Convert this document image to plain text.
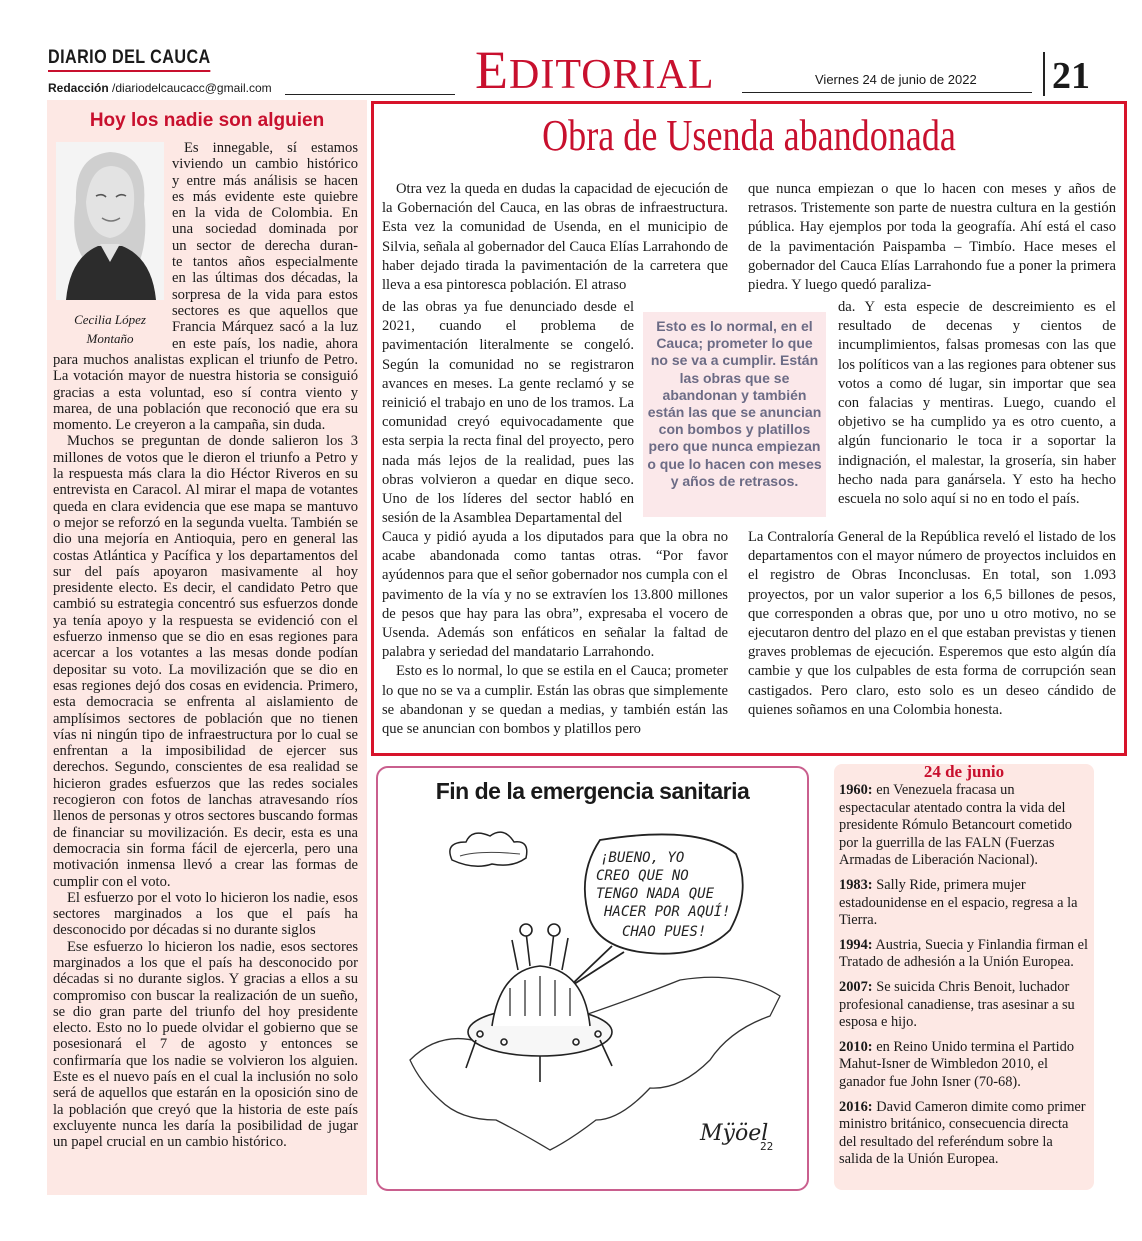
DIARIO DEL CAUCA
Redacción /diariodelcaucacc@gmail.com	EDITORIAL	Viernes 24 de junio de 2022 21
Hoy los nadie son alguien
Cecilia López
Montaño
Es innegable, sí estamos
viviendo un cambio histórico
y entre más análisis se hacen
es más evidente este quiebre
en la vida de Colombia. En
una sociedad dominada por
un sector de derecha duran-
te tantos años especialmente
en las últimas dos décadas, la
sorpresa de la vida para estos
sectores es que aquellos que
Francia Márquez sacó a la luz
en este país, los nadie, ahora

para muchos analistas explican el triunfo de Petro. La votación mayor de nuestra historia se consiguió gracias a esta voluntad, eso sí contra viento y marea, de una población que reconoció que era su momento. Le creyeron a la campaña, sin duda.

Muchos se preguntan de donde salieron los 3 millones de votos que le dieron el triunfo a Petro y la respuesta más clara la dio Héctor Riveros en su entrevista en Caracol. Al mirar el mapa de votantes queda en clara evidencia que ese mapa se mantuvo o mejor se reforzó en la segunda vuelta. También se dio una mejoría en Antioquia, pero en general las costas Atlántica y Pacífica y los departamentos del sur del país apoyaron masivamente al hoy presidente electo. Es decir, el candidato Petro que cambió su estrategia concentró sus esfuerzos donde ya tenía apoyo y la respuesta se evidenció con el esfuerzo inmenso que se dio en esas regiones para acercar a los votantes a las mesas donde podían depositar su voto. La movilización que se dio en esas regiones dejó dos cosas en evidencia. Primero, esta democracia se enfrenta al aislamiento de amplísimos sectores de población que no tienen vías ni ningún tipo de infraestructura por lo cual se enfrentan a la imposibilidad de ejercer sus derechos. Segundo, conscientes de esa realidad se hicieron grades esfuerzos que las redes sociales recogieron con fotos de lanchas atravesando ríos llenos de personas y otros sectores buscando formas de financiar su movilización. Es decir, esta es una democracia sin forma fácil de ejercerla, pero una motivación inmensa llevó a crear las formas de cumplir con el voto.

El esfuerzo por el voto lo hicieron los nadie, esos sectores marginados a los que el país ha desconocido por décadas si no durante siglos

Ese esfuerzo lo hicieron los nadie, esos sectores marginados a los que el país ha desconocido por décadas si no durante siglos. Y gracias a ellos a su compromiso con buscar la realización de un sueño, se dio gran parte del triunfo del hoy presidente electo. Esto no lo puede olvidar el gobierno que se posesionará el 7 de agosto y entonces se confirmaría que los nadie se volvieron los alguien. Este es el nuevo país en el cual la inclusión no solo será de aquellos que estarán en la oposición sino de la población que creyó que la historia de este país excluyente nunca les daría la posibilidad de jugar un papel crucial en un cambio histórico.

Obra de Usenda abandonada

Otra vez la queda en dudas la capacidad de ejecución de la Gobernación del Cauca, en las obras de infraestructura. Esta vez la comunidad de Usenda, en el municipio de Silvia, señala al gobernador del Cauca Elías Larrahondo de haber dejado tirada la pavimentación de la carretera que lleva a esa pintoresca población. El atraso

de las obras ya fue denunciado desde el 2021, cuando el problema de pavimentación literalmente se congeló. Según la comunidad no se registraron avances en meses. La gente reclamó y se reinició el trabajo en uno de los tramos. La comunidad creyó equivocadamente que esta serpia la recta final del proyecto, pero nada más lejos de la realidad, pues las obras volvieron a quedar en dique seco. Uno de los líderes del sector habló en sesión de la Asamblea Departamental del

Cauca y pidió ayuda a los diputados para que la obra no acabe abandonada como tantas otras. “Por favor ayúdennos para que el señor gobernador nos cumpla con el pavimento de la vía y no se extravíen los 13.800 millones de pesos que hay para las obra”, expresaba el vocero de Usenda. Además son enfáticos en señalar la faltad de palabra y seriedad del mandatario Larrahondo.

Esto es lo normal, lo que se estila en el Cauca; prometer lo que no se va a cumplir. Están las obras que simplemente se abandonan y se quedan a medias, y también están las que se anuncian con bombos y platillos pero

que nunca empiezan o que lo hacen con meses y años de retrasos. Tristemente son parte de nuestra cultura en la gestión pública. Hay ejemplos por toda la geografía. Ahí está el caso de la pavimentación Paispamba – Timbío. Hace meses el gobernador del Cauca Elías Larrahondo fue a poner la primera piedra. Y luego quedó paraliza-

da. Y esta especie de descreimiento es el resultado de decenas y cientos de incumplimientos, falsas promesas con las que los políticos van a las regiones para obtener sus votos a como dé lugar, sin importar que sea con falacias y mentiras. Luego, cuando el objetivo se ha cumplido ya es otro cuento, a algún funcionario le toca ir a soportar la indignación, el malestar, la grosería, sin haber hecho nada para ganársela. Y esto ha hecho escuela no solo aquí si no en todo el país.

La Contraloría General de la República reveló el listado de los departamentos con el mayor número de proyectos incluidos en el registro de Obras Inconclusas. En total, son 1.093 proyectos, por un valor superior a los 6,5 billones de pesos, que corresponden a obras que, por uno u otro motivo, no se ejecutaron dentro del plazo en el que estaban previstas y tienen graves problemas de ejecución. Esperemos que esto algún día cambie y que los culpables de esta forma de corrupción sean castigados. Pero claro, esto solo es un deseo cándido de quienes soñamos en una Colombia honesta.

Esto es lo normal, en el Cauca; prometer lo que no se va a cumplir. Están las obras que se abandonan y también están las que se anuncian con bombos y platillos pero que nunca empiezan o que lo hacen con meses y años de retrasos.
Fin de la emergencia sanitaria
¡BUENO, YO
CREO QUE NO
TENGO NADA QUE
HACER POR AQUÍ!
CHAO PUES!
Mÿöel
22
24 de junio

1960: en Venezuela fracasa un espectacular atentado contra la vida del presidente Rómulo Betancourt cometido por la guerrilla de las FALN (Fuerzas Armadas de Liberación Nacional).

1983: Sally Ride, primera mujer estadounidense en el espacio, regresa a la Tierra.

1994: Austria, Suecia y Finlandia firman el Tratado de adhesión a la Unión Europea.

2007: Se suicida Chris Benoit, luchador profesional canadiense, tras asesinar a su esposa e hijo.

2010: en Reino Unido termina el Partido Mahut-Isner de Wimbledon 2010, el ganador fue John Isner (70-68).

2016: David Cameron dimite como primer ministro británico, consecuencia directa del resultado del referéndum sobre la salida de la Unión Europea.
